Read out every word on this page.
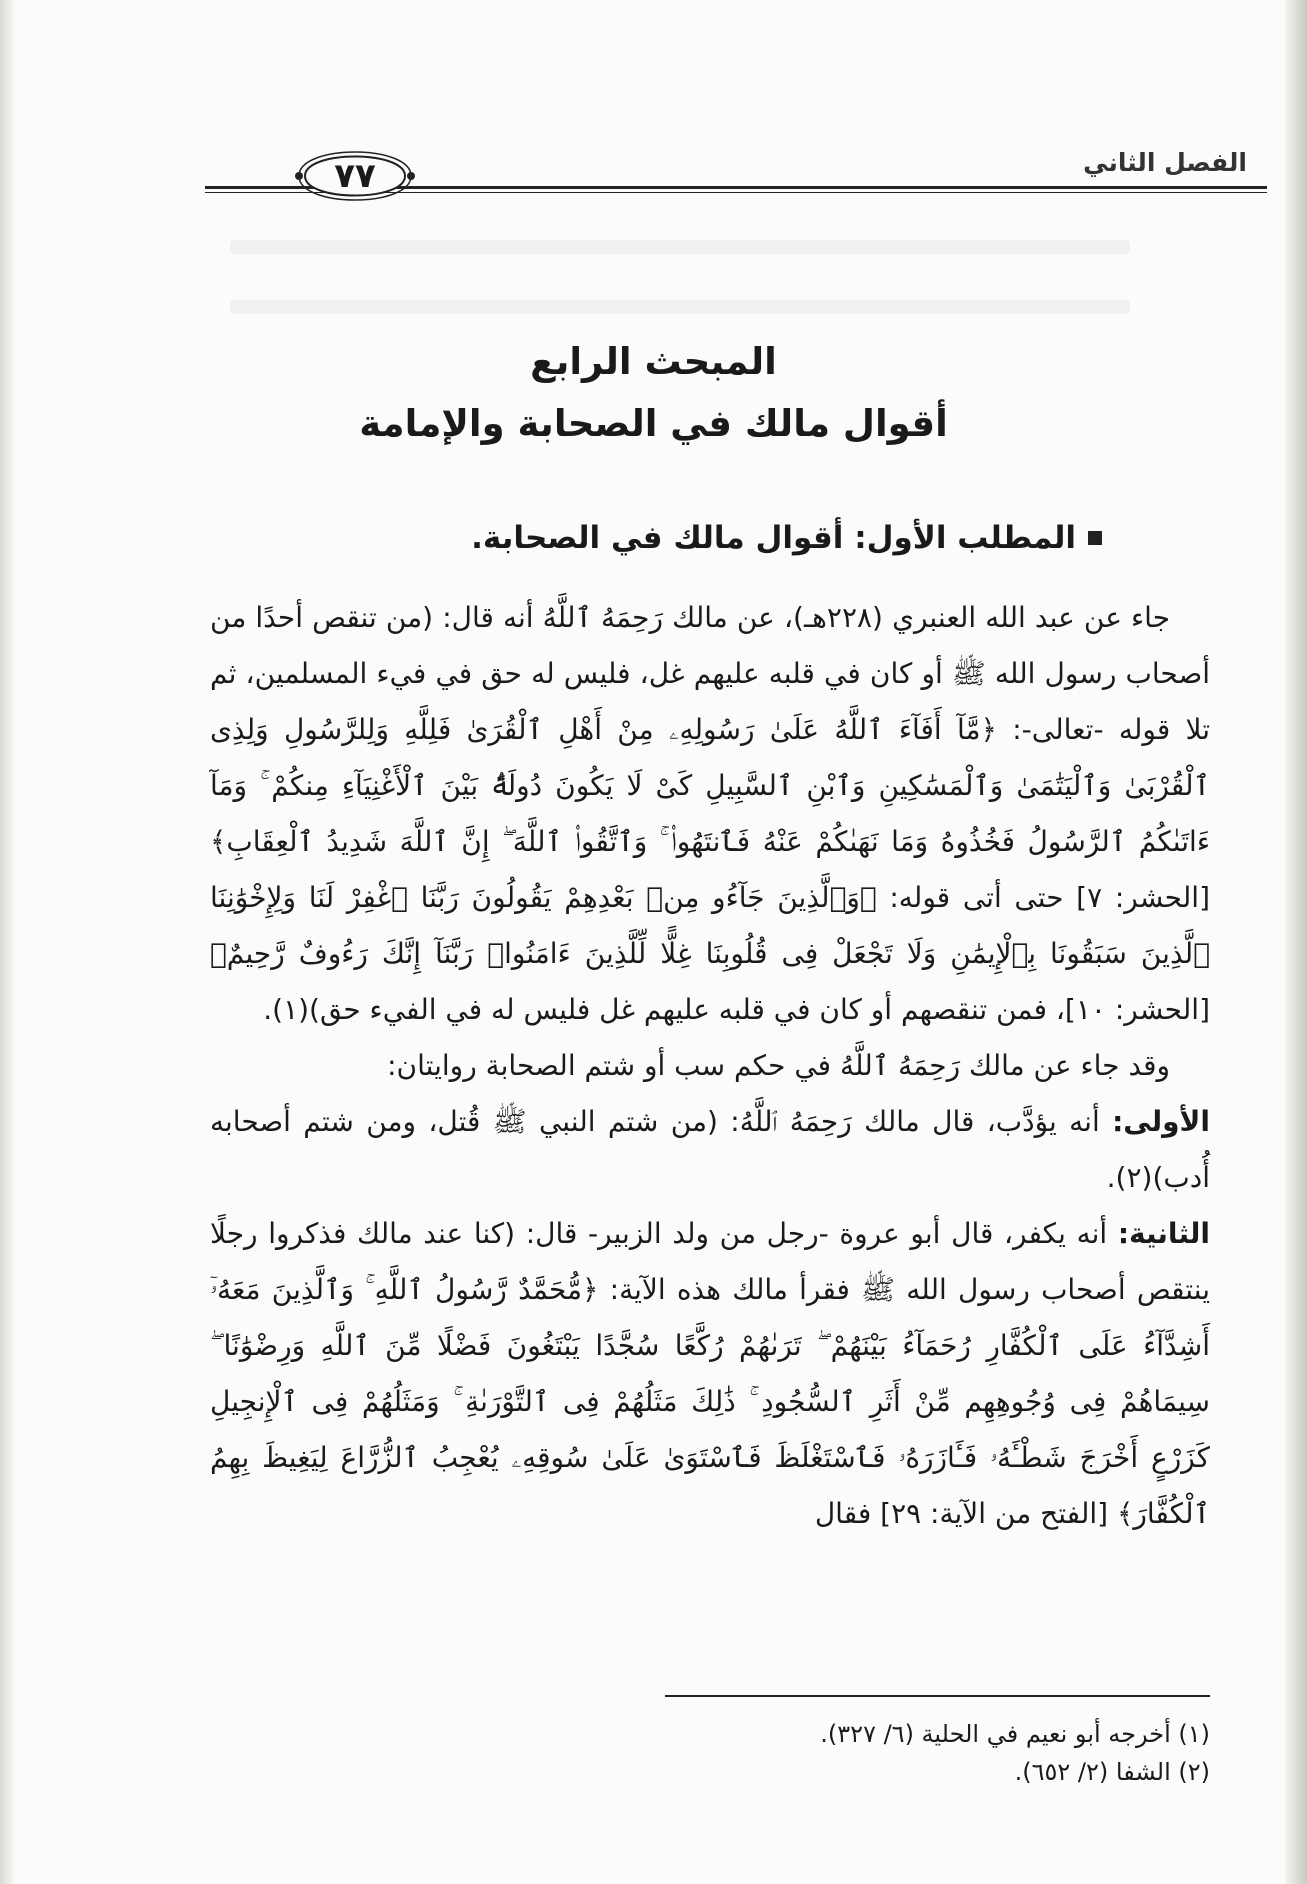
الفصل الثاني
٧٧
المبحث الرابع
أقوال مالك في الصحابة والإمامة
المطلب الأول: أقوال مالك في الصحابة.

جاء عن عبد الله العنبري (٢٢٨هـ)، عن مالك رَحِمَهُ ٱللَّهُ أنه قال: (من تنقص أحدًا من أصحاب رسول الله ﷺ أو كان في قلبه عليهم غل، فليس له حق في فيء المسلمين، ثم تلا قوله -تعالى-: ﴿مَّآ أَفَآءَ ٱللَّهُ عَلَىٰ رَسُولِهِۦ مِنْ أَهْلِ ٱلْقُرَىٰ فَلِلَّهِ وَلِلرَّسُولِ وَلِذِى ٱلْقُرْبَىٰ وَٱلْيَتَٰمَىٰ وَٱلْمَسَٰكِينِ وَٱبْنِ ٱلسَّبِيلِ كَىْ لَا يَكُونَ دُولَةًۢ بَيْنَ ٱلْأَغْنِيَآءِ مِنكُمْ ۚ وَمَآ ءَاتَىٰكُمُ ٱلرَّسُولُ فَخُذُوهُ وَمَا نَهَىٰكُمْ عَنْهُ فَٱنتَهُوا۟ ۚ وَٱتَّقُوا۟ ٱللَّهَ ۖ إِنَّ ٱللَّهَ شَدِيدُ ٱلْعِقَابِ﴾ [الحشر: ٧] حتى أتى قوله: ﴿وَٱلَّذِينَ جَآءُو مِنۢ بَعْدِهِمْ يَقُولُونَ رَبَّنَا ٱغْفِرْ لَنَا وَلِإِخْوَٰنِنَا ٱلَّذِينَ سَبَقُونَا بِٱلْإِيمَٰنِ وَلَا تَجْعَلْ فِى قُلُوبِنَا غِلًّا لِّلَّذِينَ ءَامَنُوا۟ رَبَّنَآ إِنَّكَ رَءُوفٌ رَّحِيمٌ﴾ [الحشر: ١٠]، فمن تنقصهم أو كان في قلبه عليهم غل فليس له في الفيء حق)(١).

وقد جاء عن مالك رَحِمَهُ ٱللَّهُ في حكم سب أو شتم الصحابة روايتان:

الأولى: أنه يؤدَّب، قال مالك رَحِمَهُ ٱللَّهُ: (من شتم النبي ﷺ قُتل، ومن شتم أصحابه أُدب)(٢).

الثانية: أنه يكفر، قال أبو عروة -رجل من ولد الزبير- قال: (كنا عند مالك فذكروا رجلًا ينتقص أصحاب رسول الله ﷺ فقرأ مالك هذه الآية: ﴿مُّحَمَّدٌ رَّسُولُ ٱللَّهِ ۚ وَٱلَّذِينَ مَعَهُۥٓ أَشِدَّآءُ عَلَى ٱلْكُفَّارِ رُحَمَآءُ بَيْنَهُمْ ۖ تَرَىٰهُمْ رُكَّعًا سُجَّدًا يَبْتَغُونَ فَضْلًا مِّنَ ٱللَّهِ وَرِضْوَٰنًا ۖ سِيمَاهُمْ فِى وُجُوهِهِم مِّنْ أَثَرِ ٱلسُّجُودِ ۚ ذَٰلِكَ مَثَلُهُمْ فِى ٱلتَّوْرَىٰةِ ۚ وَمَثَلُهُمْ فِى ٱلْإِنجِيلِ كَزَرْعٍ أَخْرَجَ شَطْـَٔهُۥ فَـَٔازَرَهُۥ فَٱسْتَغْلَظَ فَٱسْتَوَىٰ عَلَىٰ سُوقِهِۦ يُعْجِبُ ٱلزُّرَّاعَ لِيَغِيظَ بِهِمُ ٱلْكُفَّارَ﴾ [الفتح من الآية: ٢٩] فقال

(١) أخرجه أبو نعيم في الحلية (٦/ ٣٢٧).
(٢) الشفا (٢/ ٦٥٢).
